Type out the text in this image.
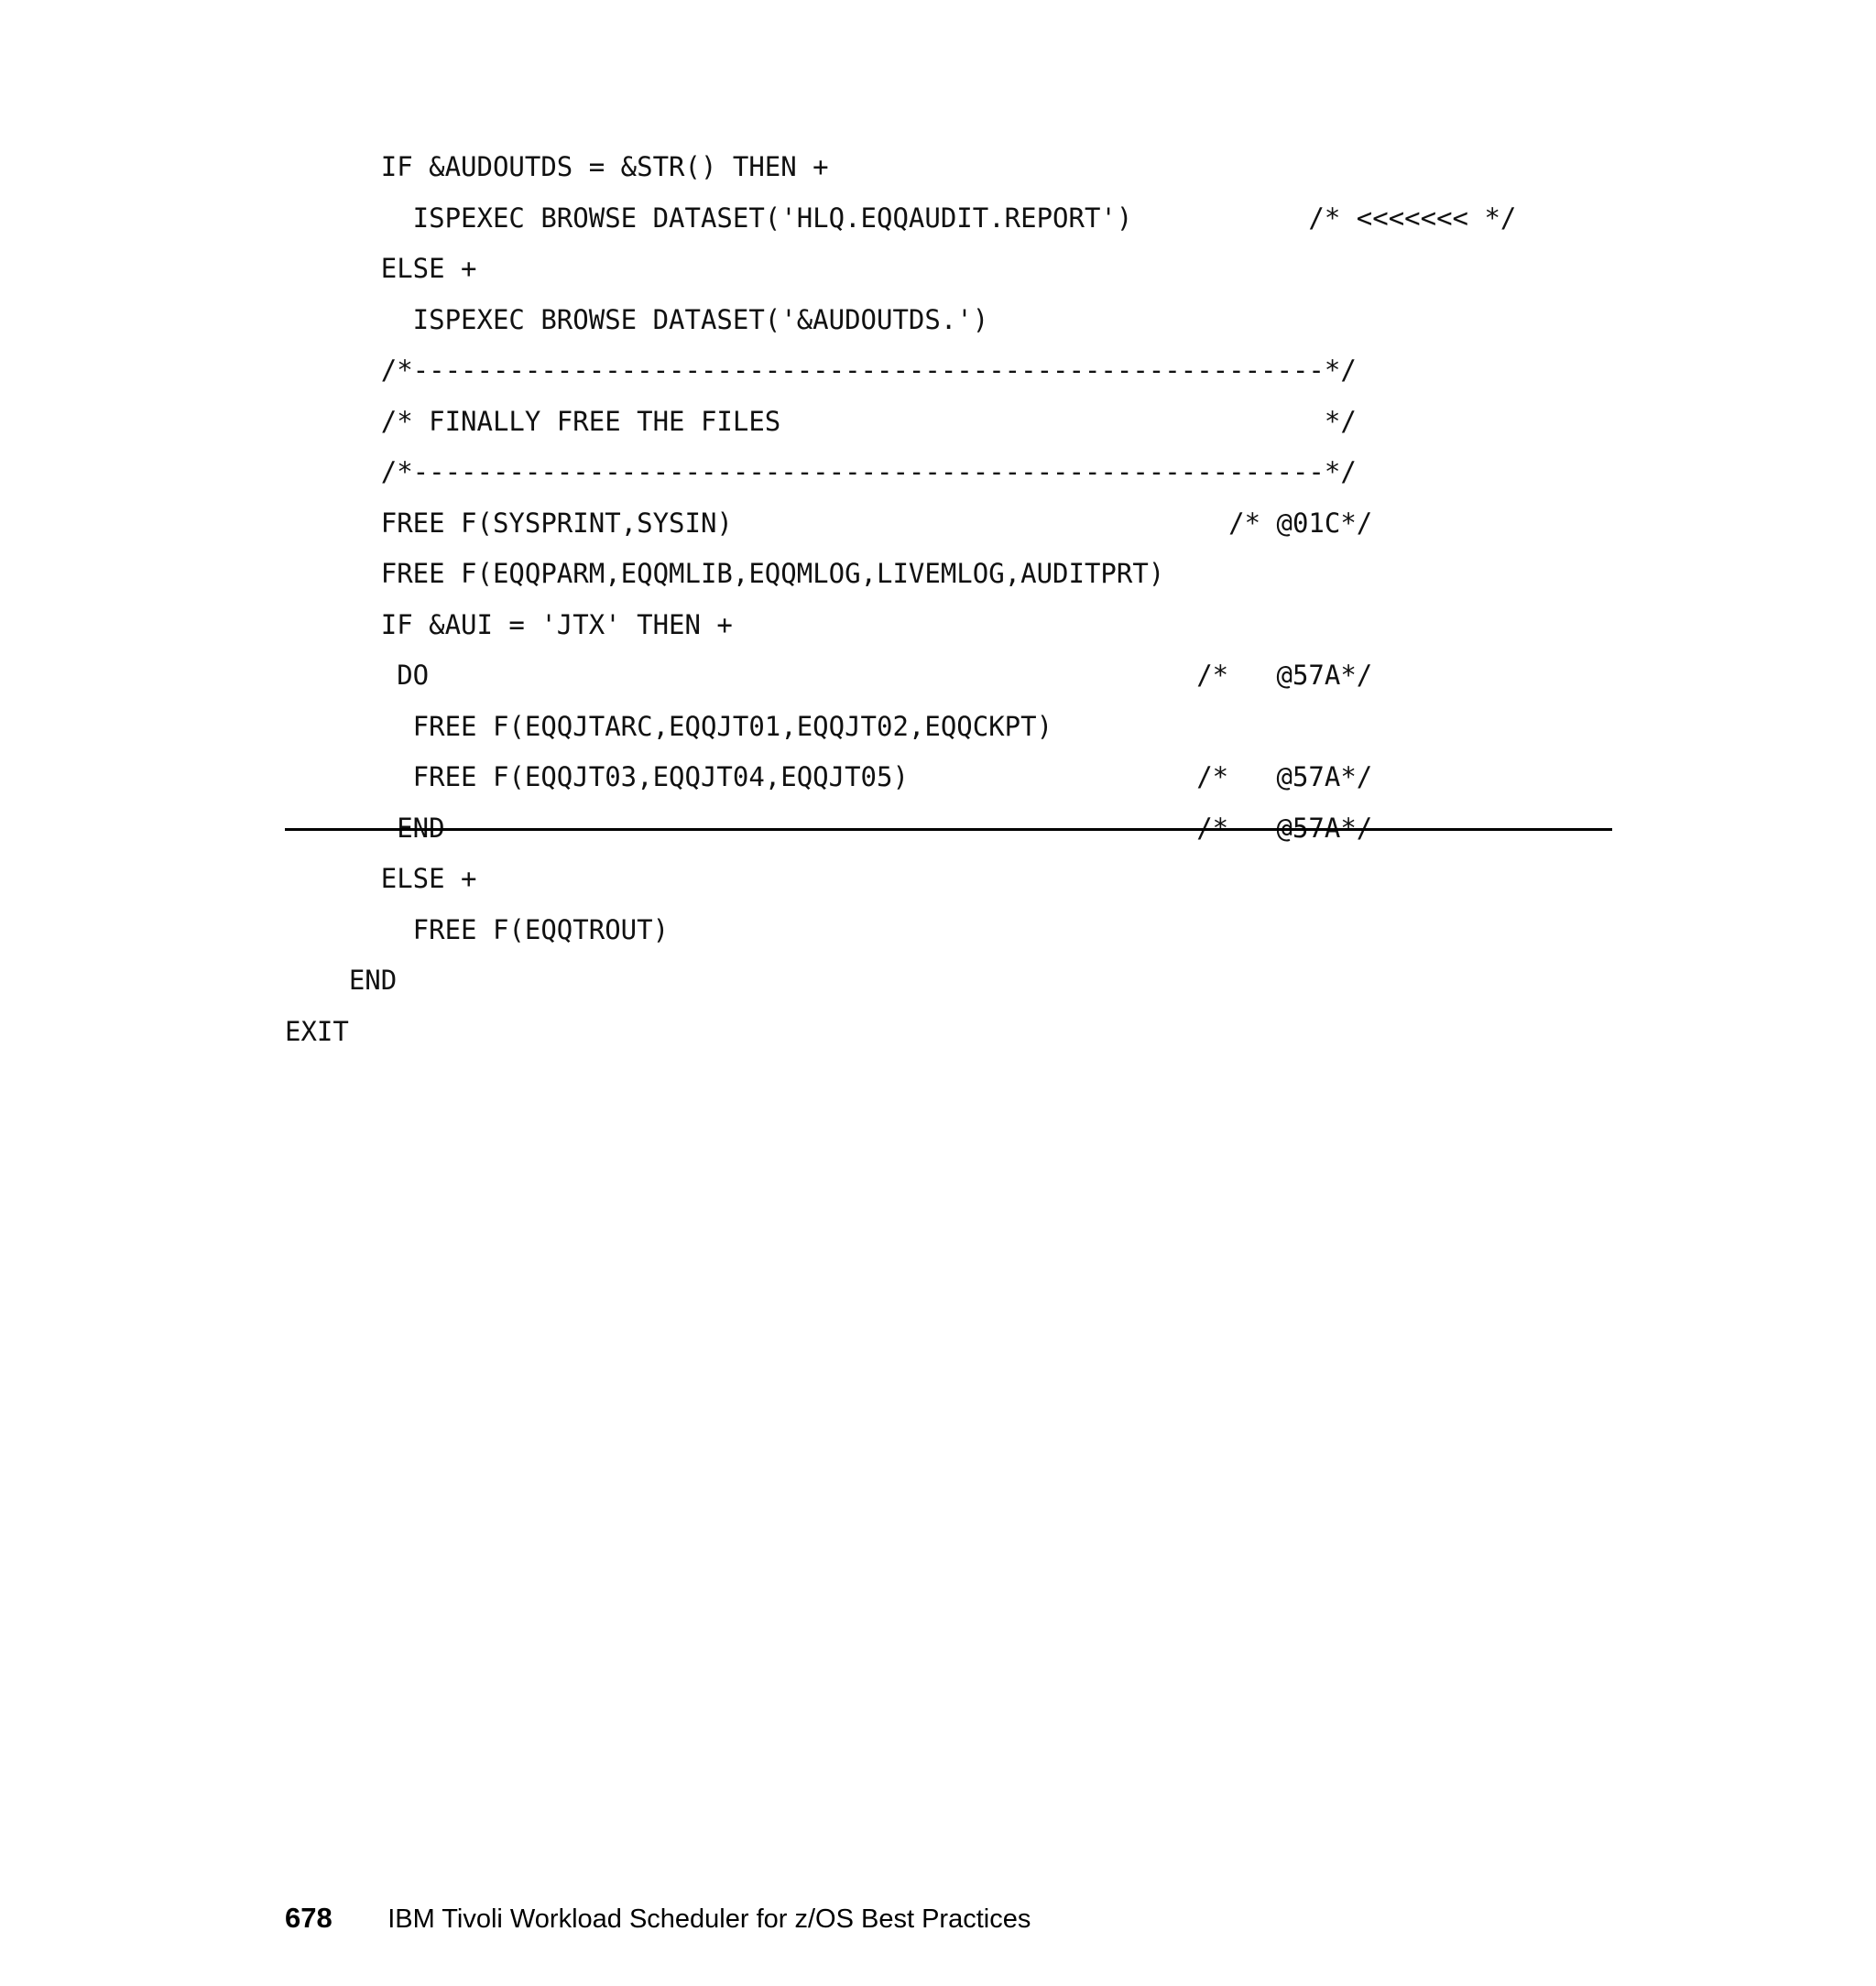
IF &AUDOUTDS = &STR() THEN +

ISPEXEC BROWSE DATASET('HLQ.EQQAUDIT.REPORT')           /* <<<<<<< */

ELSE +

ISPEXEC BROWSE DATASET('&AUDOUTDS.')

/*---------------------------------------------------------*/

/* FINALLY FREE THE FILES                                  */

/*---------------------------------------------------------*/

FREE F(SYSPRINT,SYSIN)                               /* @01C*/

FREE F(EQQPARM,EQQMLIB,EQQMLOG,LIVEMLOG,AUDITPRT)

IF &AUI = 'JTX' THEN +

DO                                                /*   @57A*/

FREE F(EQQJTARC,EQQJT01,EQQJT02,EQQCKPT)

FREE F(EQQJT03,EQQJT04,EQQJT05)                  /*   @57A*/

END                                               /*   @57A*/

ELSE +

FREE F(EQQTROUT)

END

EXIT

678 IBM Tivoli Workload Scheduler for z/OS Best Practices
